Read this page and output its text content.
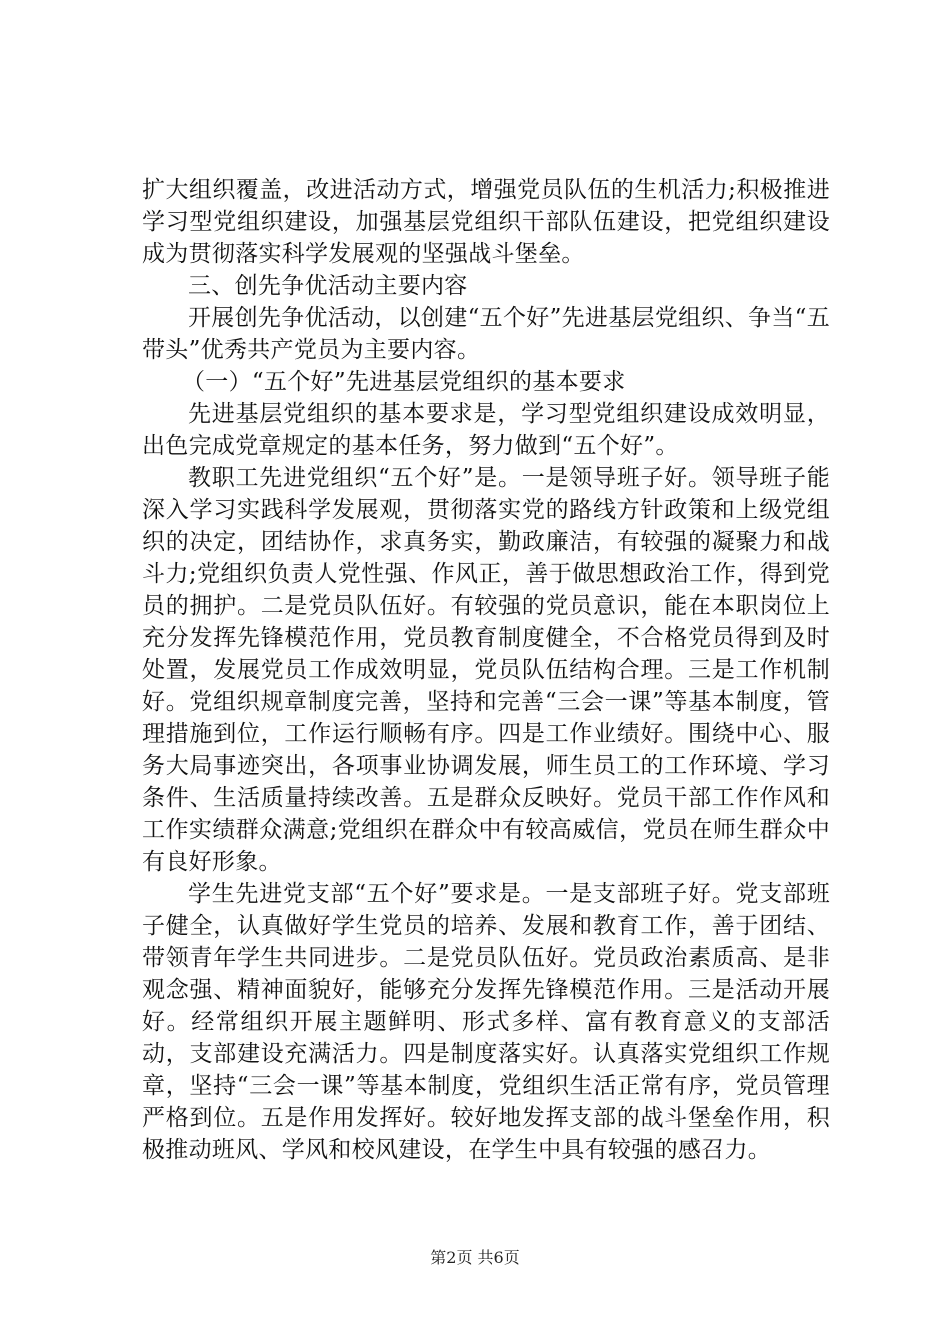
扩大组织覆盖，改进活动方式，增强党员队伍的生机活力;积极推进学习型党组织建设，加强基层党组织干部队伍建设，把党组织建设成为贯彻落实科学发展观的坚强战斗堡垒。

三、创先争优活动主要内容

开展创先争优活动，以创建“五个好”先进基层党组织、争当“五带头”优秀共产党员为主要内容。

（一）“五个好”先进基层党组织的基本要求

先进基层党组织的基本要求是，学习型党组织建设成效明显，出色完成党章规定的基本任务，努力做到“五个好”。

教职工先进党组织“五个好”是。一是领导班子好。领导班子能深入学习实践科学发展观，贯彻落实党的路线方针政策和上级党组织的决定，团结协作，求真务实，勤政廉洁，有较强的凝聚力和战斗力;党组织负责人党性强、作风正，善于做思想政治工作，得到党员的拥护。二是党员队伍好。有较强的党员意识，能在本职岗位上充分发挥先锋模范作用，党员教育制度健全，不合格党员得到及时处置，发展党员工作成效明显，党员队伍结构合理。三是工作机制好。党组织规章制度完善，坚持和完善“三会一课”等基本制度，管理措施到位，工作运行顺畅有序。四是工作业绩好。围绕中心、服务大局事迹突出，各项事业协调发展，师生员工的工作环境、学习条件、生活质量持续改善。五是群众反映好。党员干部工作作风和工作实绩群众满意;党组织在群众中有较高威信，党员在师生群众中有良好形象。

学生先进党支部“五个好”要求是。一是支部班子好。党支部班子健全，认真做好学生党员的培养、发展和教育工作，善于团结、带领青年学生共同进步。二是党员队伍好。党员政治素质高、是非观念强、精神面貌好，能够充分发挥先锋模范作用。三是活动开展好。经常组织开展主题鲜明、形式多样、富有教育意义的支部活动，支部建设充满活力。四是制度落实好。认真落实党组织工作规章，坚持“三会一课”等基本制度，党组织生活正常有序，党员管理严格到位。五是作用发挥好。较好地发挥支部的战斗堡垒作用，积极推动班风、学风和校风建设，在学生中具有较强的感召力。

第2页 共6页
